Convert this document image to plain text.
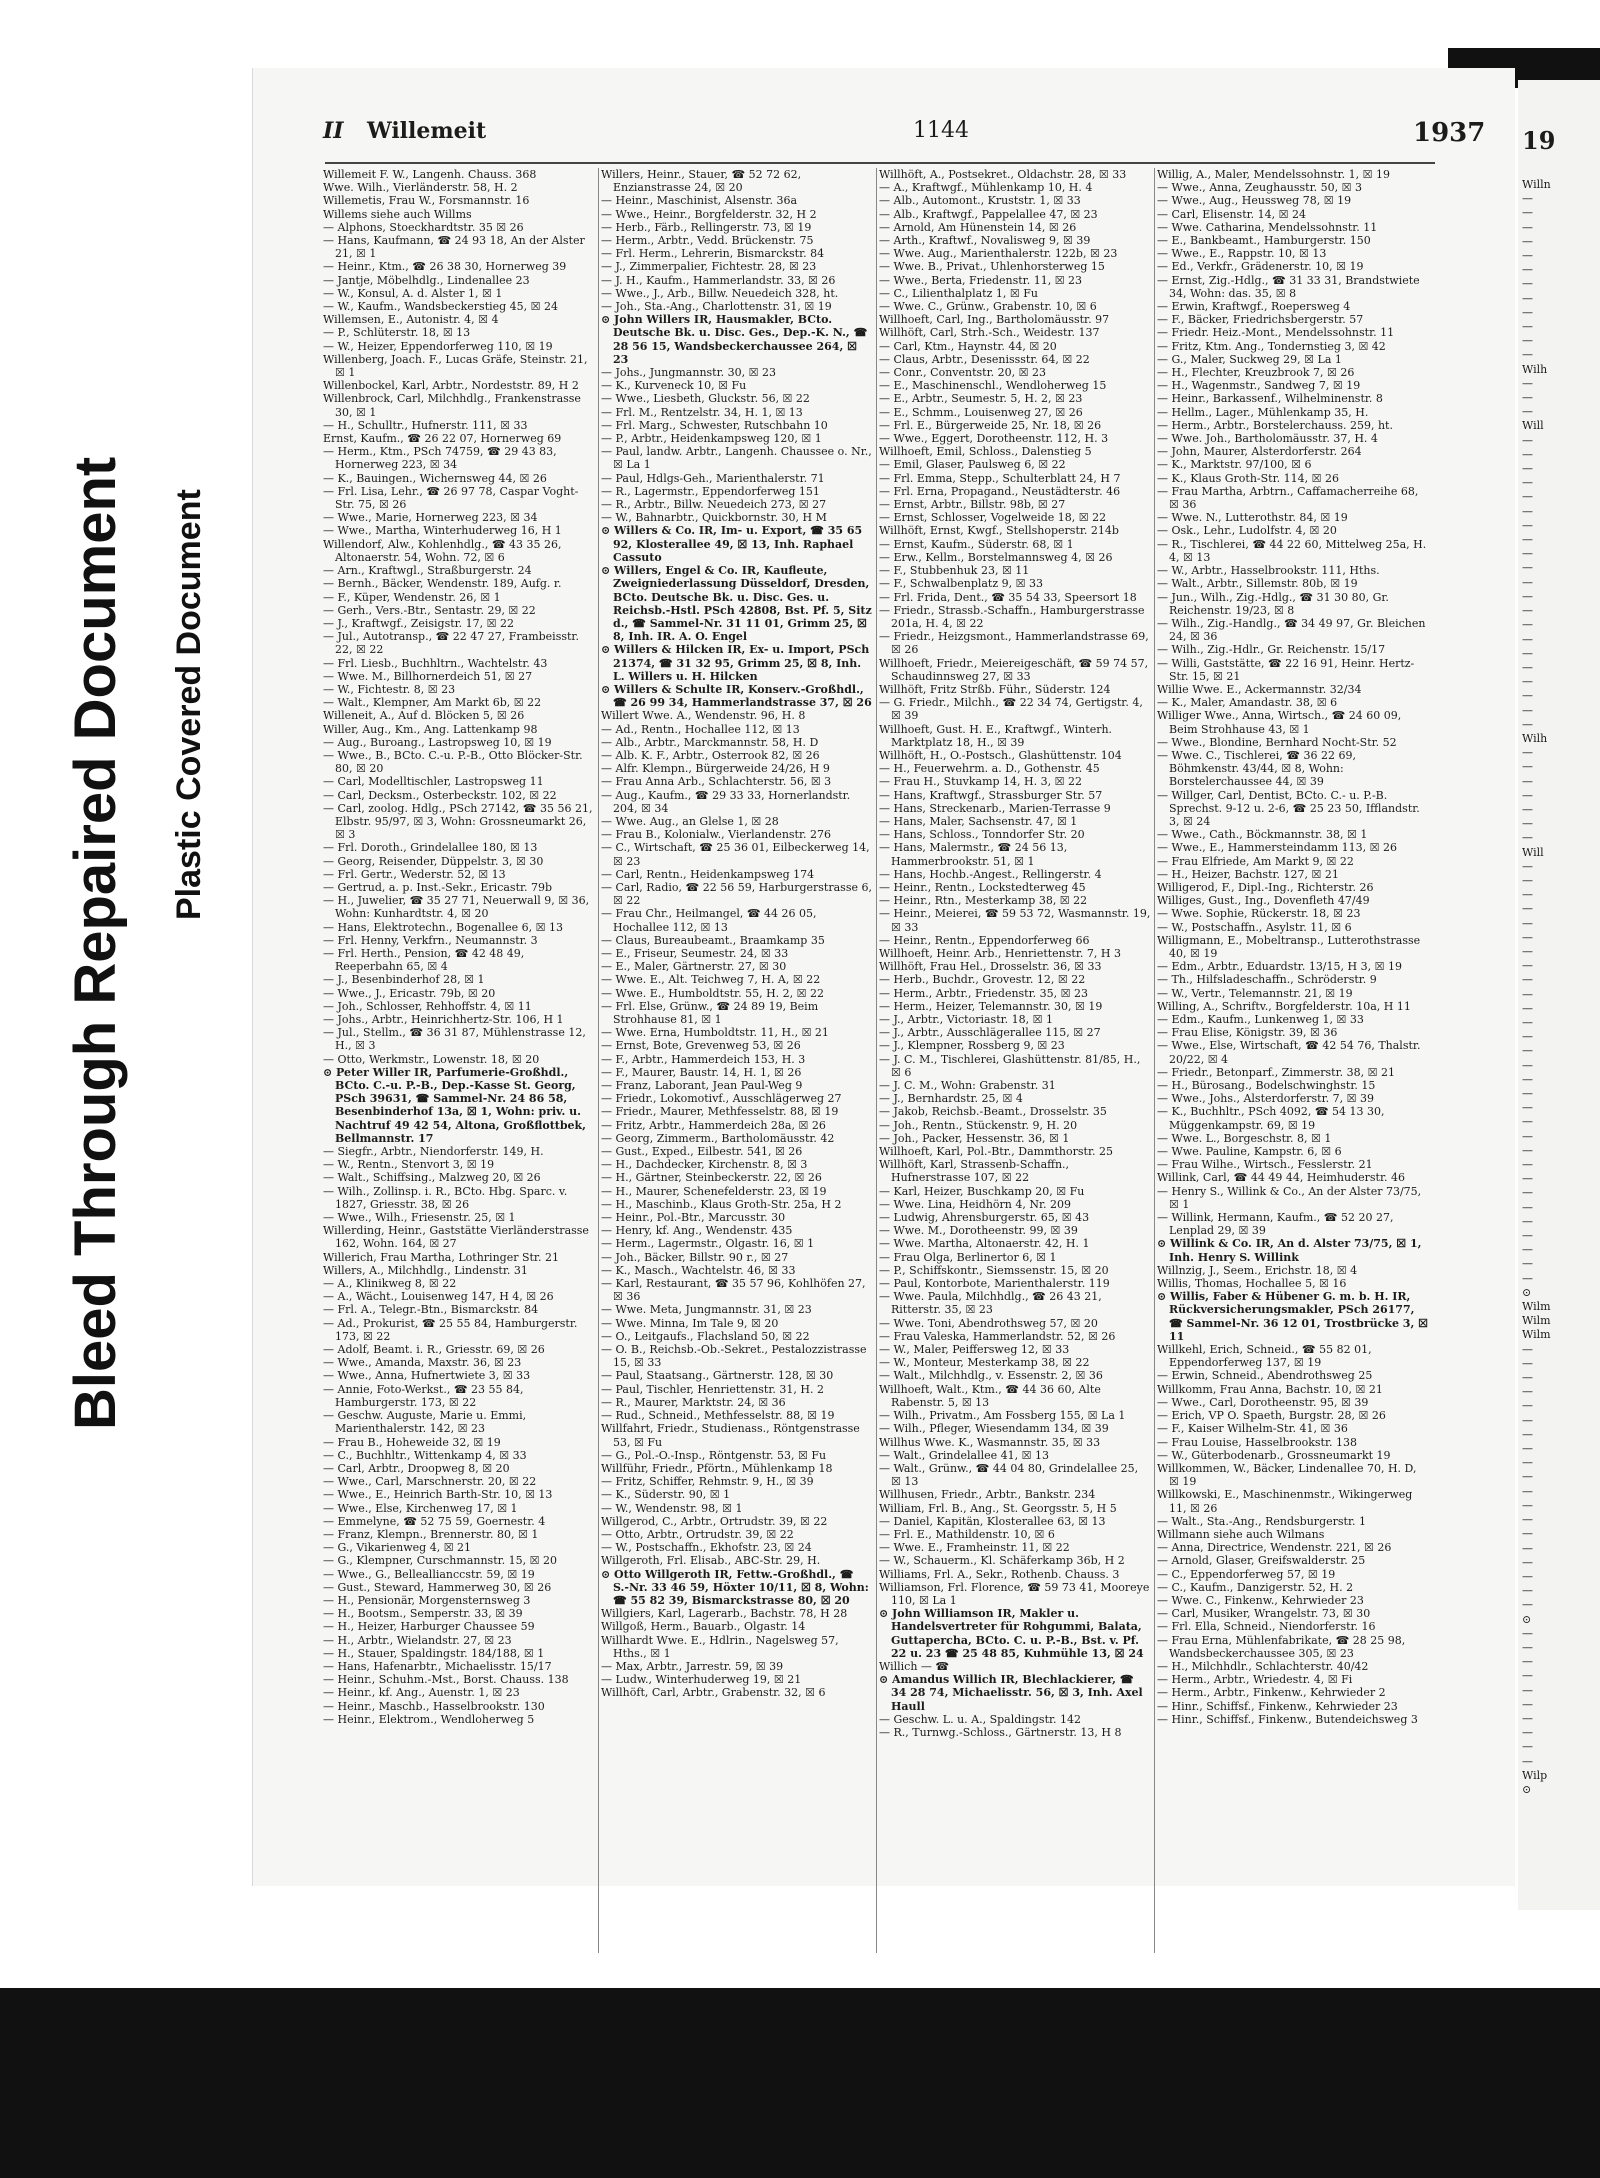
Bleed Through Repaired Document Plastic Covered Document
II Willemeit	1144	1937
Willemeit F. W., Langenh. Chauss. 368
Wwe. Wilh., Vierländerstr. 58, H. 2
Willemetis, Frau W., Forsmannstr. 16
Willems siehe auch Willms
— Alphons, Stoeckhardtstr. 35 ☒ 26
— Hans, Kaufmann, ☎ 24 93 18, An der Alster 21, ☒ 1
— Heinr., Ktm., ☎ 26 38 30, Hornerweg 39
— Jantje, Möbelhdlg., Lindenallee 23
— W., Konsul, A. d. Alster 1, ☒ 1
— W., Kaufm., Wandsbeckerstieg 45, ☒ 24
Willemsen, E., Autonistr. 4, ☒ 4
— P., Schlüterstr. 18, ☒ 13
— W., Heizer, Eppendorferweg 110, ☒ 19
Willenberg, Joach. F., Lucas Gräfe, Steinstr. 21, ☒ 1
Willenbockel, Karl, Arbtr., Nordeststr. 89, H 2
Willenbrock, Carl, Milchhdlg., Frankenstrasse 30, ☒ 1
— H., Schulltr., Hufnerstr. 111, ☒ 33
Ernst, Kaufm., ☎ 26 22 07, Hornerweg 69
— Herm., Ktm., PSch 74759, ☎ 29 43 83, Hornerweg 223, ☒ 34
— K., Bauingen., Wichernsweg 44, ☒ 26
— Frl. Lisa, Lehr., ☎ 26 97 78, Caspar Voght-Str. 75, ☒ 26
— Wwe., Marie, Hornerweg 223, ☒ 34
— Wwe., Martha, Winterhuderweg 16, H 1
Willendorf, Alw., Kohlenhdlg., ☎ 43 35 26, Altonaerstr. 54, Wohn. 72, ☒ 6
— Arn., Kraftwgl., Straßburgerstr. 24
— Bernh., Bäcker, Wendenstr. 189, Aufg. r.
— F., Küper, Wendenstr. 26, ☒ 1
— Gerh., Vers.-Btr., Sentastr. 29, ☒ 22
— J., Kraftwgf., Zeisigstr. 17, ☒ 22
— Jul., Autotransp., ☎ 22 47 27, Frambeisstr. 22, ☒ 22
— Frl. Liesb., Buchhltrn., Wachtelstr. 43
— Wwe. M., Billhornerdeich 51, ☒ 27
— W., Fichtestr. 8, ☒ 23
— Walt., Klempner, Am Markt 6b, ☒ 22
Willeneit, A., Auf d. Blöcken 5, ☒ 26
Willer, Aug., Km., Ang. Lattenkamp 98
— Aug., Buroang., Lastropsweg 10, ☒ 19
— Wwe., B., BCto. C.-u. P.-B., Otto Blöcker-Str. 80, ☒ 20
— Carl, Modelltischler, Lastropsweg 11
— Carl, Decksm., Osterbeckstr. 102, ☒ 22
— Carl, zoolog. Hdlg., PSch 27142, ☎ 35 56 21, Elbstr. 95/97, ☒ 3, Wohn: Grossneumarkt 26, ☒ 3
— Frl. Doroth., Grindelallee 180, ☒ 13
— Georg, Reisender, Düppelstr. 3, ☒ 30
— Frl. Gertr., Wederstr. 52, ☒ 13
— Gertrud, a. p. Inst.-Sekr., Ericastr. 79b
— H., Juwelier, ☎ 35 27 71, Neuerwall 9, ☒ 36, Wohn: Kunhardtstr. 4, ☒ 20
— Hans, Elektrotechn., Bogenallee 6, ☒ 13
— Frl. Henny, Verkfrn., Neumannstr. 3
— Frl. Herth., Pension, ☎ 42 48 49, Reeperbahn 65, ☒ 4
— J., Besenbinderhof 28, ☒ 1
— Wwe., J., Ericastr. 79b, ☒ 20
— Joh., Schlosser, Rehhoffstr. 4, ☒ 11
— Johs., Arbtr., Heinrichhertz-Str. 106, H 1
— Jul., Stellm., ☎ 36 31 87, Mühlenstrasse 12, H., ☒ 3
— Otto, Werkmstr., Lowenstr. 18, ☒ 20
⊙ Peter Willer IR, Parfumerie-Großhdl., BCto. C.-u. P.-B., Dep.-Kasse St. Georg, PSch 39631, ☎ Sammel-Nr. 24 86 58, Besenbinderhof 13a, ☒ 1, Wohn: priv. u. Nachtruf 49 42 54, Altona, Großflottbek, Bellmannstr. 17
— Siegfr., Arbtr., Niendorferstr. 149, H.
— W., Rentn., Stenvort 3, ☒ 19
— Walt., Schiffsing., Malzweg 20, ☒ 26
— Wilh., Zollinsp. i. R., BCto. Hbg. Sparc. v. 1827, Griesstr. 38, ☒ 26
— Wwe., Wilh., Friesenstr. 25, ☒ 1
Willerding, Heinr., Gaststätte Vierländerstrasse 162, Wohn. 164, ☒ 27
Willerich, Frau Martha, Lothringer Str. 21
Willers, A., Milchhdlg., Lindenstr. 31
— A., Klinikweg 8, ☒ 22
— A., Wächt., Louisenweg 147, H 4, ☒ 26
— Frl. A., Telegr.-Btn., Bismarckstr. 84
— Ad., Prokurist, ☎ 25 55 84, Hamburgerstr. 173, ☒ 22
— Adolf, Beamt. i. R., Griesstr. 69, ☒ 26
— Wwe., Amanda, Maxstr. 36, ☒ 23
— Wwe., Anna, Hufnertwiete 3, ☒ 33
— Annie, Foto-Werkst., ☎ 23 55 84, Hamburgerstr. 173, ☒ 22
— Geschw. Auguste, Marie u. Emmi, Marienthalerstr. 142, ☒ 23
— Frau B., Hoheweide 32, ☒ 19
— C., Buchhltr., Wittenkamp 4, ☒ 33
— Carl, Arbtr., Droopweg 8, ☒ 20
— Wwe., Carl, Marschnerstr. 20, ☒ 22
— Wwe., E., Heinrich Barth-Str. 10, ☒ 13
— Wwe., Else, Kirchenweg 17, ☒ 1
— Emmelyne, ☎ 52 75 59, Goernestr. 4
— Franz, Klempn., Brennerstr. 80, ☒ 1
— G., Vikarienweg 4, ☒ 21
— G., Klempner, Curschmannstr. 15, ☒ 20
— Wwe., G., Belleallianccstr. 59, ☒ 19
— Gust., Steward, Hammerweg 30, ☒ 26
— H., Pensionär, Morgensternsweg 3
— H., Bootsm., Semperstr. 33, ☒ 39
— H., Heizer, Harburger Chaussee 59
— H., Arbtr., Wielandstr. 27, ☒ 23
— H., Stauer, Spaldingstr. 184/188, ☒ 1
— Hans, Hafenarbtr., Michaelisstr. 15/17
— Heinr., Schuhm.-Mst., Borst. Chauss. 138
— Heinr., kf. Ang., Auenstr. 1, ☒ 23
— Heinr., Maschb., Hasselbrookstr. 130
— Heinr., Elektrom., Wendloherweg 5
Willers, Heinr., Stauer, ☎ 52 72 62, Enzianstrasse 24, ☒ 20
— Heinr., Maschinist, Alsenstr. 36a
— Wwe., Heinr., Borgfelderstr. 32, H 2
— Herb., Färb., Rellingerstr. 73, ☒ 19
— Herm., Arbtr., Vedd. Brückenstr. 75
— Frl. Herm., Lehrerin, Bismarckstr. 84
— J., Zimmerpalier, Fichtestr. 28, ☒ 23
— J. H., Kaufm., Hammerlandstr. 33, ☒ 26
— Wwe., J., Arb., Billw. Neuedeich 328, ht.
— Joh., Sta.-Ang., Charlottenstr. 31, ☒ 19
⊙ John Willers IR, Hausmakler, BCto. Deutsche Bk. u. Disc. Ges., Dep.-K. N., ☎ 28 56 15, Wandsbeckerchaussee 264, ☒ 23
— Johs., Jungmannstr. 30, ☒ 23
— K., Kurveneck 10, ☒ Fu
— Wwe., Liesbeth, Gluckstr. 56, ☒ 22
— Frl. M., Rentzelstr. 34, H. 1, ☒ 13
— Frl. Marg., Schwester, Rutschbahn 10
— P., Arbtr., Heidenkampsweg 120, ☒ 1
— Paul, landw. Arbtr., Langenh. Chaussee o. Nr., ☒ La 1
— Paul, Hdlgs-Geh., Marienthalerstr. 71
— R., Lagermstr., Eppendorferweg 151
— R., Arbtr., Billw. Neuedeich 273, ☒ 27
— W., Bahnarbtr., Quickbornstr. 30, H M
⊙ Willers & Co. IR, Im- u. Export, ☎ 35 65 92, Klosterallee 49, ☒ 13, Inh. Raphael Cassuto
⊙ Willers, Engel & Co. IR, Kaufleute, Zweigniederlassung Düsseldorf, Dresden, BCto. Deutsche Bk. u. Disc. Ges. u. Reichsb.-Hstl. PSch 42808, Bst. Pf. 5, Sitz d., ☎ Sammel-Nr. 31 11 01, Grimm 25, ☒ 8, Inh. IR. A. O. Engel
⊙ Willers & Hilcken IR, Ex- u. Import, PSch 21374, ☎ 31 32 95, Grimm 25, ☒ 8, Inh. L. Willers u. H. Hilcken
⊙ Willers & Schulte IR, Konserv.-Großhdl., ☎ 26 99 34, Hammerlandstrasse 37, ☒ 26
Willert Wwe. A., Wendenstr. 96, H. 8
— Ad., Rentn., Hochallee 112, ☒ 13
— Alb., Arbtr., Marckmannstr. 58, H. D
— Alb. K. F., Arbtr., Osterrook 82, ☒ 26
— Alfr. Klempn., Bürgerweide 24/26, H 9
— Frau Anna Arb., Schlachterstr. 56, ☒ 3
— Aug., Kaufm., ☎ 29 33 33, Hornerlandstr. 204, ☒ 34
— Wwe. Aug., an Glelse 1, ☒ 28
— Frau B., Kolonialw., Vierlandenstr. 276
— C., Wirtschaft, ☎ 25 36 01, Eilbeckerweg 14, ☒ 23
— Carl, Rentn., Heidenkampsweg 174
— Carl, Radio, ☎ 22 56 59, Harburgerstrasse 6, ☒ 22
— Frau Chr., Heilmangel, ☎ 44 26 05, Hochallee 112, ☒ 13
— Claus, Bureaubeamt., Braamkamp 35
— E., Friseur, Seumestr. 24, ☒ 33
— E., Maler, Gärtnerstr. 27, ☒ 30
— Wwe. E., Alt. Teichweg 7, H. A, ☒ 22
— Wwe. E., Humboldtstr. 55, H. 2, ☒ 22
— Frl. Else, Grünw., ☎ 24 89 19, Beim Strohhause 81, ☒ 1
— Wwe. Erna, Humboldtstr. 11, H., ☒ 21
— Ernst, Bote, Grevenweg 53, ☒ 26
— F., Arbtr., Hammerdeich 153, H. 3
— F., Maurer, Baustr. 14, H. 1, ☒ 26
— Franz, Laborant, Jean Paul-Weg 9
— Friedr., Lokomotivf., Ausschlägerweg 27
— Friedr., Maurer, Methfesselstr. 88, ☒ 19
— Fritz, Arbtr., Hammerdeich 28a, ☒ 26
— Georg, Zimmerm., Bartholomäusstr. 42
— Gust., Exped., Eilbestr. 541, ☒ 26
— H., Dachdecker, Kirchenstr. 8, ☒ 3
— H., Gärtner, Steinbeckerstr. 22, ☒ 26
— H., Maurer, Schenefelderstr. 23, ☒ 19
— H., Maschinb., Klaus Groth-Str. 25a, H 2
— Heinr., Pol.-Btr., Marcusstr. 30
— Henry, kf. Ang., Wendenstr. 435
— Herm., Lagermstr., Olgastr. 16, ☒ 1
— Joh., Bäcker, Billstr. 90 r., ☒ 27
— K., Masch., Wachtelstr. 46, ☒ 33
— Karl, Restaurant, ☎ 35 57 96, Kohlhöfen 27, ☒ 36
— Wwe. Meta, Jungmannstr. 31, ☒ 23
— Wwe. Minna, Im Tale 9, ☒ 20
— O., Leitgaufs., Flachsland 50, ☒ 22
— O. B., Reichsb.-Ob.-Sekret., Pestalozzistrasse 15, ☒ 33
— Paul, Staatsang., Gärtnerstr. 128, ☒ 30
— Paul, Tischler, Henriettenstr. 31, H. 2
— R., Maurer, Marktstr. 24, ☒ 36
— Rud., Schneid., Methfesselstr. 88, ☒ 19
Willfahrt, Friedr., Studienass., Röntgenstrasse 53, ☒ Fu
— G., Pol.-O.-Insp., Röntgenstr. 53, ☒ Fu
Willführ, Friedr., Pförtn., Mühlenkamp 18
— Fritz, Schiffer, Rehmstr. 9, H., ☒ 39
— K., Süderstr. 90, ☒ 1
— W., Wendenstr. 98, ☒ 1
Willgerod, C., Arbtr., Ortrudstr. 39, ☒ 22
— Otto, Arbtr., Ortrudstr. 39, ☒ 22
— W., Postschaffn., Ekhofstr. 23, ☒ 24
Willgeroth, Frl. Elisab., ABC-Str. 29, H.
⊙ Otto Willgeroth IR, Fettw.-Großhdl., ☎ S.-Nr. 33 46 59, Höxter 10/11, ☒ 8, Wohn: ☎ 55 82 39, Bismarckstrasse 80, ☒ 20
Willgiers, Karl, Lagerarb., Bachstr. 78, H 28
Willgoß, Herm., Bauarb., Olgastr. 14
Willhardt Wwe. E., Hdlrin., Nagelsweg 57, Hths., ☒ 1
— Max, Arbtr., Jarrestr. 59, ☒ 39
— Ludw., Winterhuderweg 19, ☒ 21
Willhöft, Carl, Arbtr., Grabenstr. 32, ☒ 6
Willhöft, A., Postsekret., Oldachstr. 28, ☒ 33
— A., Kraftwgf., Mühlenkamp 10, H. 4
— Alb., Automont., Kruststr. 1, ☒ 33
— Alb., Kraftwgf., Pappelallee 47, ☒ 23
— Arnold, Am Hünenstein 14, ☒ 26
— Arth., Kraftwf., Novalisweg 9, ☒ 39
— Wwe. Aug., Marienthalerstr. 122b, ☒ 23
— Wwe. B., Privat., Uhlenhorsterweg 15
— Wwe., Berta, Friedenstr. 11, ☒ 23
— C., Lilienthalplatz 1, ☒ Fu
— Wwe. C., Grünw., Grabenstr. 10, ☒ 6
Willhoeft, Carl, Ing., Bartholomäusstr. 97
Willhöft, Carl, Strh.-Sch., Weidestr. 137
— Carl, Ktm., Haynstr. 44, ☒ 20
— Claus, Arbtr., Desenissstr. 64, ☒ 22
— Conr., Conventstr. 20, ☒ 23
— E., Maschinenschl., Wendloherweg 15
— E., Arbtr., Seumestr. 5, H. 2, ☒ 23
— E., Schmm., Louisenweg 27, ☒ 26
— Frl. E., Bürgerweide 25, Nr. 18, ☒ 26
— Wwe., Eggert, Dorotheenstr. 112, H. 3
Willhoeft, Emil, Schloss., Dalenstieg 5
— Emil, Glaser, Paulsweg 6, ☒ 22
— Frl. Emma, Stepp., Schulterblatt 24, H 7
— Frl. Erna, Propagand., Neustädterstr. 46
— Ernst, Arbtr., Billstr. 98b, ☒ 27
— Ernst, Schlosser, Vogelweide 18, ☒ 22
Willhöft, Ernst, Kwgf., Stellshoperstr. 214b
— Ernst, Kaufm., Süderstr. 68, ☒ 1
— Erw., Kellm., Borstelmannsweg 4, ☒ 26
— F., Stubbenhuk 23, ☒ 11
— F., Schwalbenplatz 9, ☒ 33
— Frl. Frida, Dent., ☎ 35 54 33, Speersort 18
— Friedr., Strassb.-Schaffn., Hamburgerstrasse 201a, H. 4, ☒ 22
— Friedr., Heizgsmont., Hammerlandstrasse 69, ☒ 26
Willhoeft, Friedr., Meiereigeschäft, ☎ 59 74 57, Schaudinnsweg 27, ☒ 33
Willhöft, Fritz Strßb. Führ., Süderstr. 124
— G. Friedr., Milchh., ☎ 22 34 74, Gertigstr. 4, ☒ 39
Willhoeft, Gust. H. E., Kraftwgf., Winterh. Marktplatz 18, H., ☒ 39
Willhöft, H., O.-Postsch., Glashüttenstr. 104
— H., Feuerwehrm. a. D., Gothenstr. 45
— Frau H., Stuvkamp 14, H. 3, ☒ 22
— Hans, Kraftwgf., Strassburger Str. 57
— Hans, Streckenarb., Marien-Terrasse 9
— Hans, Maler, Sachsenstr. 47, ☒ 1
— Hans, Schloss., Tonndorfer Str. 20
— Hans, Malermstr., ☎ 24 56 13, Hammerbrookstr. 51, ☒ 1
— Hans, Hochb.-Angest., Rellingerstr. 4
— Heinr., Rentn., Lockstedterweg 45
— Heinr., Rtn., Mesterkamp 38, ☒ 22
— Heinr., Meierei, ☎ 59 53 72, Wasmannstr. 19, ☒ 33
— Heinr., Rentn., Eppendorferweg 66
Willhoeft, Heinr. Arb., Henriettenstr. 7, H 3
Willhöft, Frau Hel., Drosselstr. 36, ☒ 33
— Herb., Buchdr., Grovestr. 12, ☒ 22
— Herm., Arbtr., Friedenstr. 35, ☒ 23
— Herm., Heizer, Telemannstr. 30, ☒ 19
— J., Arbtr., Victoriastr. 18, ☒ 1
— J., Arbtr., Ausschlägerallee 115, ☒ 27
— J., Klempner, Rossberg 9, ☒ 23
— J. C. M., Tischlerei, Glashüttenstr. 81/85, H., ☒ 6
— J. C. M., Wohn: Grabenstr. 31
— J., Bernhardstr. 25, ☒ 4
— Jakob, Reichsb.-Beamt., Drosselstr. 35
— Joh., Rentn., Stückenstr. 9, H. 20
— Joh., Packer, Hessenstr. 36, ☒ 1
Willhoeft, Karl, Pol.-Btr., Dammthorstr. 25
Willhöft, Karl, Strassenb-Schaffn., Hufnerstrasse 107, ☒ 22
— Karl, Heizer, Buschkamp 20, ☒ Fu
— Wwe. Lina, Heidhörn 4, Nr. 209
— Ludwig, Ahrensburgerstr. 65, ☒ 43
— Wwe. M., Dorotheenstr. 99, ☒ 39
— Wwe. Martha, Altonaerstr. 42, H. 1
— Frau Olga, Berlinertor 6, ☒ 1
— P., Schiffskontr., Siemssenstr. 15, ☒ 20
— Paul, Kontorbote, Marienthalerstr. 119
— Wwe. Paula, Milchhdlg., ☎ 26 43 21, Ritterstr. 35, ☒ 23
— Wwe. Toni, Abendrothsweg 57, ☒ 20
— Frau Valeska, Hammerlandstr. 52, ☒ 26
— W., Maler, Peiffersweg 12, ☒ 33
— W., Monteur, Mesterkamp 38, ☒ 22
— Walt., Milchhdlg., v. Essenstr. 2, ☒ 36
Willhoeft, Walt., Ktm., ☎ 44 36 60, Alte Rabenstr. 5, ☒ 13
— Wilh., Privatm., Am Fossberg 155, ☒ La 1
— Wilh., Pfleger, Wiesendamm 134, ☒ 39
Willhus Wwe. K., Wasmannstr. 35, ☒ 33
— Walt., Grindelallee 41, ☒ 13
— Walt., Grünw., ☎ 44 04 80, Grindelallee 25, ☒ 13
Willhusen, Friedr., Arbtr., Bankstr. 234
William, Frl. B., Ang., St. Georgsstr. 5, H 5
— Daniel, Kapitän, Klosterallee 63, ☒ 13
— Frl. E., Mathildenstr. 10, ☒ 6
— Wwe. E., Framheinstr. 11, ☒ 22
— W., Schauerm., Kl. Schäferkamp 36b, H 2
Williams, Frl. A., Sekr., Rothenb. Chauss. 3
Williamson, Frl. Florence, ☎ 59 73 41, Mooreye 110, ☒ La 1
⊙ John Williamson IR, Makler u. Handelsvertreter für Rohgummi, Balata, Guttapercha, BCto. C. u. P.-B., Bst. v. Pf. 22 u. 23 ☎ 25 48 85, Kuhmühle 13, ☒ 24
Willich — ☎
⊙ Amandus Willich IR, Blechlackierer, ☎ 34 28 74, Michaelisstr. 56, ☒ 3, Inh. Axel Haull
— Geschw. L. u. A., Spaldingstr. 142
— R., Turnwg.-Schloss., Gärtnerstr. 13, H 8
Willig, A., Maler, Mendelssohnstr. 1, ☒ 19
— Wwe., Anna, Zeughausstr. 50, ☒ 3
— Wwe., Aug., Heussweg 78, ☒ 19
— Carl, Elisenstr. 14, ☒ 24
— Wwe. Catharina, Mendelssohnstr. 11
— E., Bankbeamt., Hamburgerstr. 150
— Wwe., E., Rappstr. 10, ☒ 13
— Ed., Verkfr., Grädenerstr. 10, ☒ 19
— Ernst, Zig.-Hdlg., ☎ 31 33 31, Brandstwiete 34, Wohn: das. 35, ☒ 8
— Erwin, Kraftwgf., Roepersweg 4
— F., Bäcker, Friedrichsbergerstr. 57
— Friedr. Heiz.-Mont., Mendelssohnstr. 11
— Fritz, Ktm. Ang., Tondernstieg 3, ☒ 42
— G., Maler, Suckweg 29, ☒ La 1
— H., Flechter, Kreuzbrook 7, ☒ 26
— H., Wagenmstr., Sandweg 7, ☒ 19
— Heinr., Barkassenf., Wilhelminenstr. 8
— Hellm., Lager., Mühlenkamp 35, H.
— Herm., Arbtr., Borstelerchauss. 259, ht.
— Wwe. Joh., Bartholomäusstr. 37, H. 4
— John, Maurer, Alsterdorferstr. 264
— K., Marktstr. 97/100, ☒ 6
— K., Klaus Groth-Str. 114, ☒ 26
— Frau Martha, Arbtrn., Caffamacherreihe 68, ☒ 36
— Wwe. N., Lutterothstr. 84, ☒ 19
— Osk., Lehr., Ludolfstr. 4, ☒ 20
— R., Tischlerei, ☎ 44 22 60, Mittelweg 25a, H. 4, ☒ 13
— W., Arbtr., Hasselbrookstr. 111, Hths.
— Walt., Arbtr., Sillemstr. 80b, ☒ 19
— Jun., Wilh., Zig.-Hdlg., ☎ 31 30 80, Gr. Reichenstr. 19/23, ☒ 8
— Wilh., Zig.-Handlg., ☎ 34 49 97, Gr. Bleichen 24, ☒ 36
— Wilh., Zig.-Hdlr., Gr. Reichenstr. 15/17
— Willi, Gaststätte, ☎ 22 16 91, Heinr. Hertz-Str. 15, ☒ 21
Willie Wwe. E., Ackermannstr. 32/34
— K., Maler, Amandastr. 38, ☒ 6
Williger Wwe., Anna, Wirtsch., ☎ 24 60 09, Beim Strohhause 43, ☒ 1
— Wwe., Blondine, Bernhard Nocht-Str. 52
— Wwe. C., Tischlerei, ☎ 36 22 69, Böhmkenstr. 43/44, ☒ 8, Wohn: Borstelerchaussee 44, ☒ 39
— Willger, Carl, Dentist, BCto. C.- u. P.-B. Sprechst. 9-12 u. 2-6, ☎ 25 23 50, Ifflandstr. 3, ☒ 24
— Wwe., Cath., Böckmannstr. 38, ☒ 1
— Wwe., E., Hammersteindamm 113, ☒ 26
— Frau Elfriede, Am Markt 9, ☒ 22
— H., Heizer, Bachstr. 127, ☒ 21
Willigerod, F., Dipl.-Ing., Richterstr. 26
Williges, Gust., Ing., Dovenfleth 47/49
— Wwe. Sophie, Rückerstr. 18, ☒ 23
— W., Postschaffn., Asylstr. 11, ☒ 6
Willigmann, E., Mobeltransp., Lutterothstrasse 40, ☒ 19
— Edm., Arbtr., Eduardstr. 13/15, H 3, ☒ 19
— Th., Hilfsladeschaffn., Schröderstr. 9
— W., Vertr., Telemannstr. 21, ☒ 19
Willing, A., Schriftv., Borgfelderstr. 10a, H 11
— Edm., Kaufm., Lunkenweg 1, ☒ 33
— Frau Elise, Königstr. 39, ☒ 36
— Wwe., Else, Wirtschaft, ☎ 42 54 76, Thalstr. 20/22, ☒ 4
— Friedr., Betonparf., Zimmerstr. 38, ☒ 21
— H., Bürosang., Bodelschwinghstr. 15
— Wwe., Johs., Alsterdorferstr. 7, ☒ 39
— K., Buchhltr., PSch 4092, ☎ 54 13 30, Müggenkampstr. 69, ☒ 19
— Wwe. L., Borgeschstr. 8, ☒ 1
— Wwe. Pauline, Kampstr. 6, ☒ 6
— Frau Wilhe., Wirtsch., Fesslerstr. 21
Willink, Carl, ☎ 44 49 44, Heimhuderstr. 46
— Henry S., Willink & Co., An der Alster 73/75, ☒ 1
— Willink, Hermann, Kaufm., ☎ 52 20 27, Lenplad 29, ☒ 39
⊙ Willink & Co. IR, An d. Alster 73/75, ☒ 1, Inh. Henry S. Willink
Willnzig, J., Seem., Erichstr. 18, ☒ 4
Willis, Thomas, Hochallee 5, ☒ 16
⊙ Willis, Faber & Hübener G. m. b. H. IR, Rückversicherungsmakler, PSch 26177, ☎ Sammel-Nr. 36 12 01, Trostbrücke 3, ☒ 11
Willkehl, Erich, Schneid., ☎ 55 82 01, Eppendorferweg 137, ☒ 19
— Erwin, Schneid., Abendrothsweg 25
Willkomm, Frau Anna, Bachstr. 10, ☒ 21
— Wwe., Carl, Dorotheenstr. 95, ☒ 39
— Erich, VP O. Spaeth, Burgstr. 28, ☒ 26
— F., Kaiser Wilhelm-Str. 41, ☒ 36
— Frau Louise, Hasselbrookstr. 138
— W., Güterbodenarb., Grossneumarkt 19
Willkommen, W., Bäcker, Lindenallee 70, H. D, ☒ 19
Willkowski, E., Maschinenmstr., Wikingerweg 11, ☒ 26
— Walt., Sta.-Ang., Rendsburgerstr. 1
Willmann siehe auch Wilmans
— Anna, Directrice, Wendenstr. 221, ☒ 26
— Arnold, Glaser, Greifswalderstr. 25
— C., Eppendorferweg 57, ☒ 19
— C., Kaufm., Danzigerstr. 52, H. 2
— Wwe. C., Finkenw., Kehrwieder 23
— Carl, Musiker, Wrangelstr. 73, ☒ 30
— Frl. Ella, Schneid., Niendorferstr. 16
— Frau Erna, Mühlenfabrikate, ☎ 28 25 98, Wandsbeckerchaussee 305, ☒ 23
— H., Milchhdlr., Schlachterstr. 40/42
— Herm., Arbtr., Wriedestr. 4, ☒ Fi
— Herm., Arbtr., Finkenw., Kehrwieder 2
— Hinr., Schiffsf., Finkenw., Kehrwieder 23
— Hinr., Schiffsf., Finkenw., Butendeichsweg 3
19
Willn
—
—
—
—
—
—
—
—
—
—
—
—
Wilh
—
—
—
Will
—
—
—
—
—
—
—
—
—
—
—
—
—
—
—
—
—
—
—
—
—
Wilh
—
—
—
—
—
—
—
Will
—
—
—
—
—
—
—
—
—
—
—
—
—
—
—
—
—
—
—
—
—
—
—
—
—
—
—
—
—
—
⊙
Wilm
Wilm
Wilm
—
—
—
—
—
—
—
—
—
—
—
—
—
—
—
—
—
—
—
⊙
—
—
—
—
—
—
—
—
—
—
Wilp
⊙
